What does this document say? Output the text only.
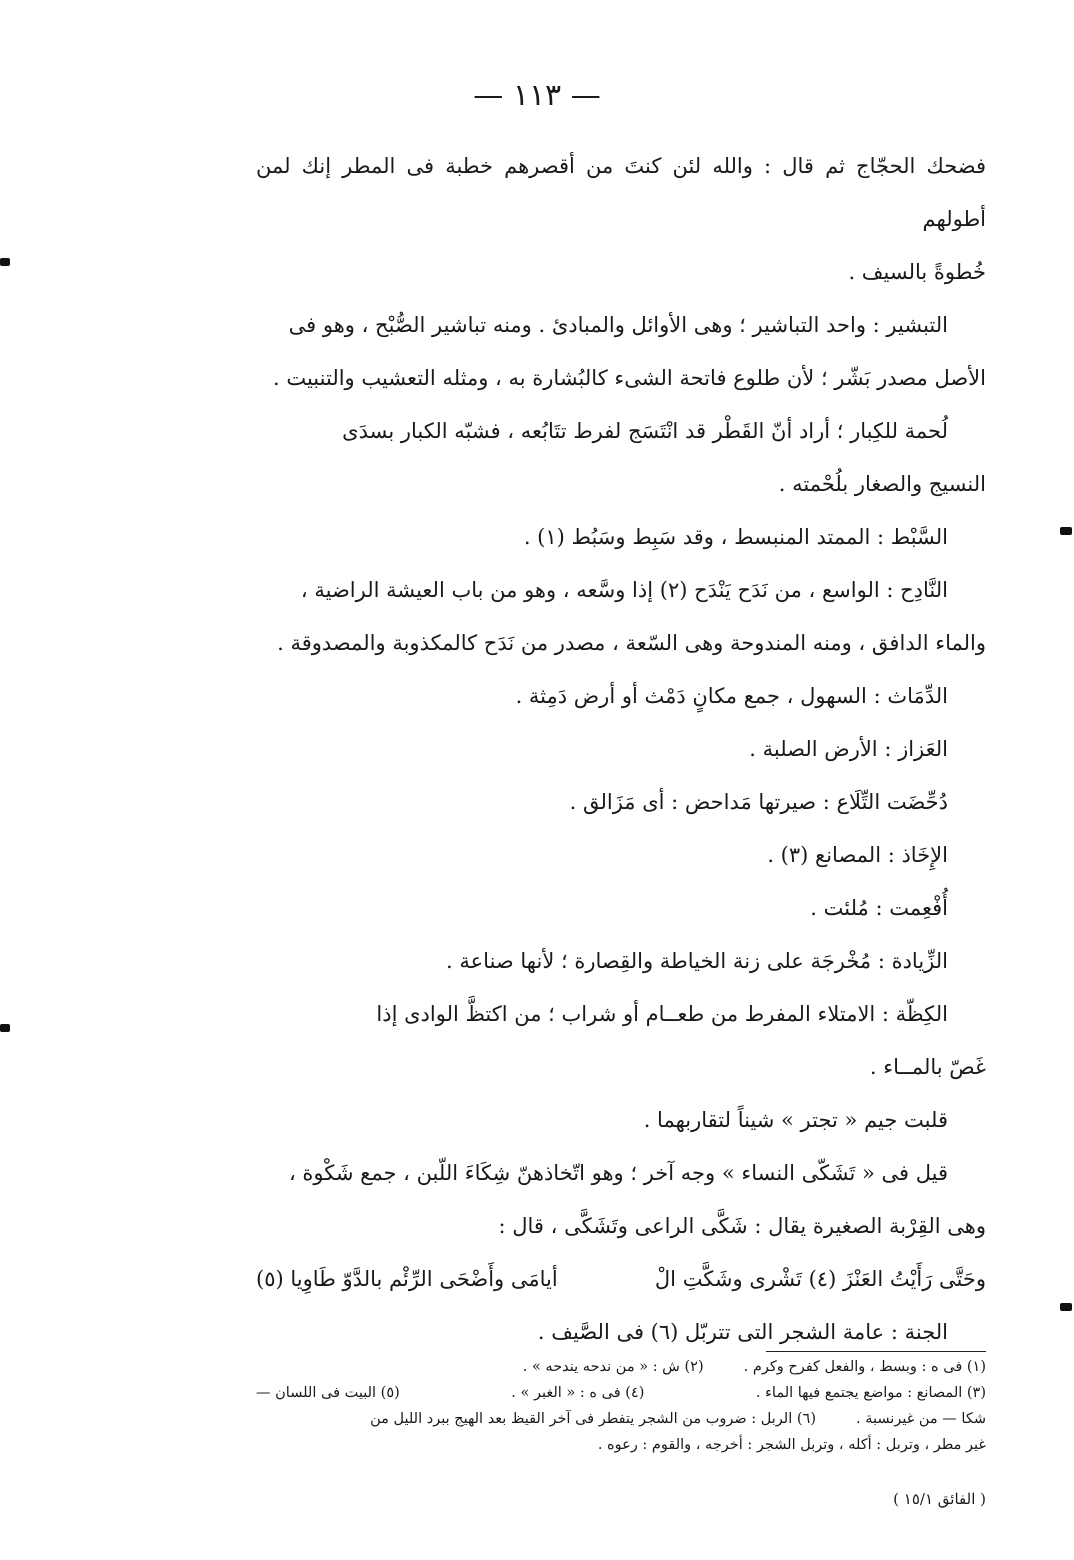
— ١١٣ —

فضحك الحجّاج ثم قال : والله لئن كنتَ من أقصرهم خطبة فى المطر إنك لمن أطولهم

خُطوةً بالسيف .

التبشير : واحد التباشير ؛ وهى الأوائل والمبادئ . ومنه تباشير الصُّبْح ، وهو فى

الأصل مصدر بَشّر ؛ لأن طلوع فاتحة الشىء كالبُشارة به ، ومثله التعشيب والتنبيت .

لُحمة للكِبار ؛ أراد أنّ القَطْر قد انْتَسَج لفرط تتَابُعه ، فشبّه الكبار بسدَى

النسيج والصغار بلُحْمته .

السَّبْط : الممتد المنبسط ، وقد سَبِط وسَبُط (١) .

النَّادِح : الواسع ، من نَدَح يَنْدَح (٢) إذا وسَّعه ، وهو من باب العيشة الراضية ،

والماء الدافق ، ومنه المندوحة وهى السّعة ، مصدر من نَدَح كالمكذوبة والمصدوقة .

الدِّمَاث : السهول ، جمع مكانٍ دَمْث أو أرض دَمِثة .

العَزاز : الأرض الصلبة .

دُحِّضَت التِّلَاع : صيرتها مَداحض : أى مَزَالق .

الإِخَاذ : المصانع (٣) .

أُفْعِمت : مُلئت .

الزِّيادة : مُخْرجَة على زنة الخياطة والقِصارة ؛ لأنها صناعة .

الكِظّة : الامتلاء المفرط من طعــام أو شراب ؛ من اكتظَّ الوادى إذا

غَصّ بالمــاء .

قلبت جيم « تجتر » شيناً لتقاربهما .

قيل فى « تَشَكّى النساء » وجه آخر ؛ وهو اتّخاذهنّ شِكَاءَ اللّبن ، جمع شَكْوة ،

وهى القِرْبة الصغيرة يقال : شَكَّى الراعى وتَشَكَّى ، قال :

وحَتَّى رَأَيْتُ العَنْزَ (٤) تَشْرى وشَكَّتِ الْ
أيامَى وأَضْحَى الرِّئْم بالدَّوّ طَاوِيا (٥)

الجنة : عامة الشجر التى تتربّل (٦) فى الصَّيف .

(١) فى ه : وبسط ، والفعل كفرح وكرم .
(٢) ش : « من ندحه يندحه » .
(٣) المصانع : مواضع يجتمع فيها الماء .
(٤) فى ه : « الغبر » .
(٥) البيت فى اللسان —
شكا — من غيرنسبة .
(٦) الربل : ضروب من الشجر يتفطر فى آخر القيظ بعد الهيج ببرد الليل من

غير مطر ، وتربل : أكله ، وتربل الشجر : أخرجه ، والقوم : رعوه .

( الفائق ١٥/١ )
